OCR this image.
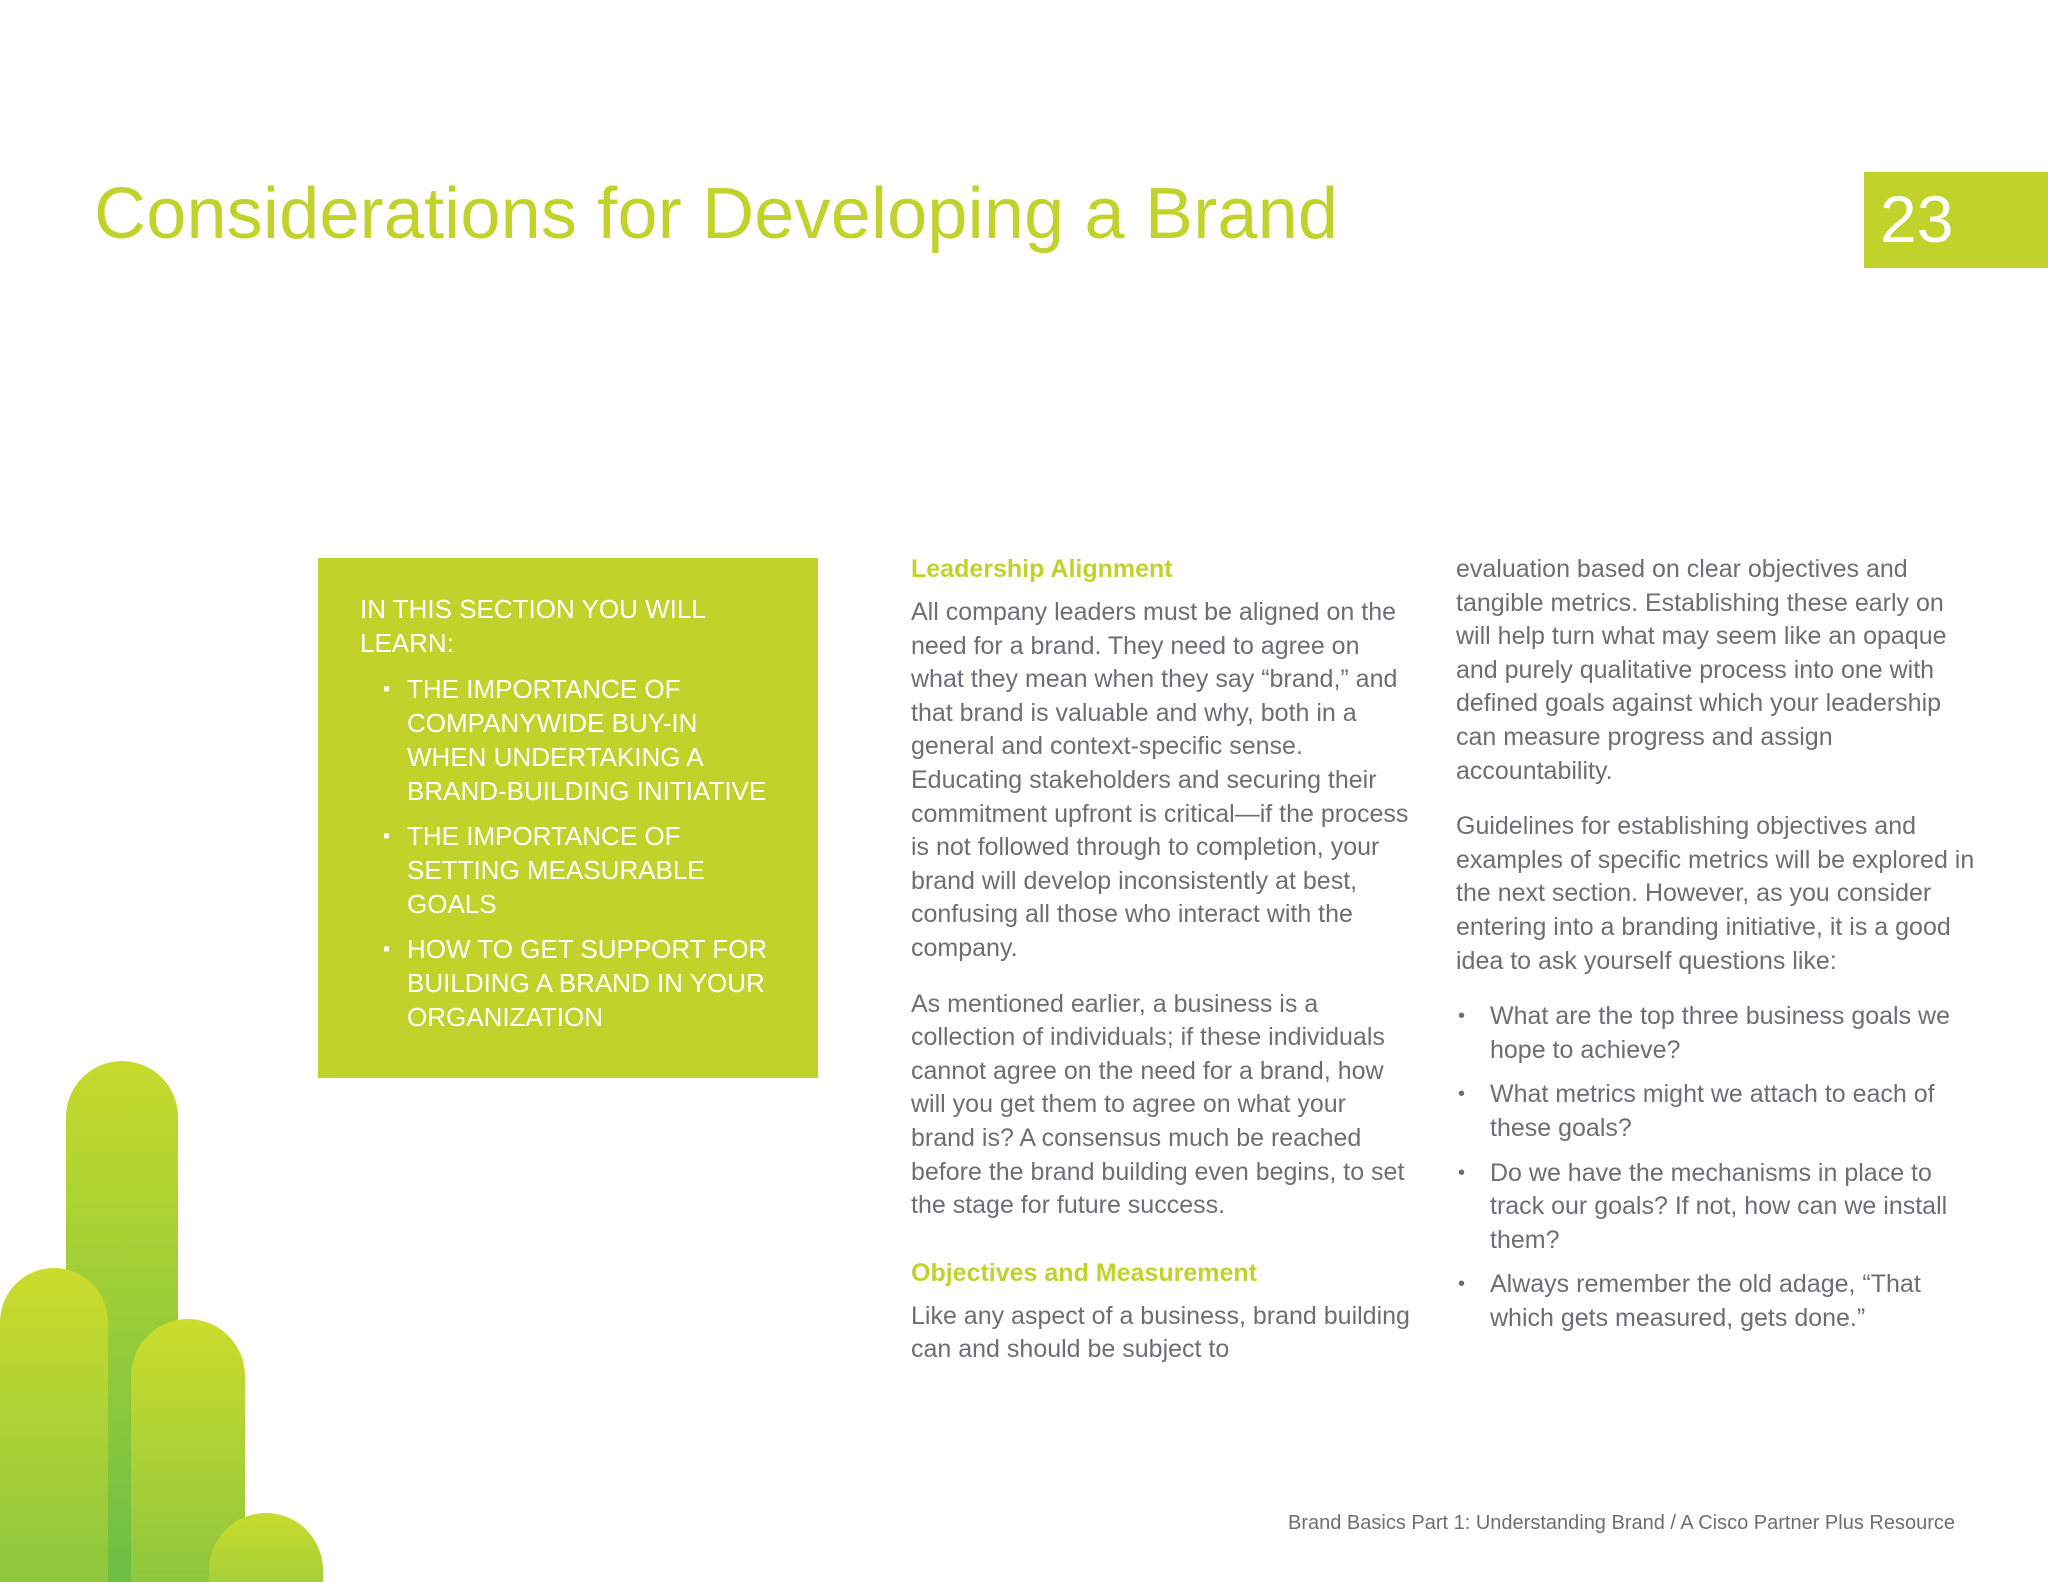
Considerations for Developing a Brand	23
IN THIS SECTION YOU WILL LEARN:
▪ THE IMPORTANCE OF COMPANYWIDE BUY-IN WHEN UNDERTAKING A BRAND-BUILDING INITIATIVE
▪ THE IMPORTANCE OF SETTING MEASURABLE GOALS
▪ HOW TO GET SUPPORT FOR BUILDING A BRAND IN YOUR ORGANIZATION
Leadership Alignment

All company leaders must be aligned on the need for a brand. They need to agree on what they mean when they say “brand,” and that brand is valuable and why, both in a general and context-specific sense. Educating stakeholders and securing their commitment upfront is critical—if the process is not followed through to completion, your brand will develop inconsistently at best, confusing all those who interact with the company.

As mentioned earlier, a business is a collection of individuals; if these individuals cannot agree on the need for a brand, how will you get them to agree on what your brand is? A consensus much be reached before the brand building even begins, to set the stage for future success.

Objectives and Measurement

Like any aspect of a business, brand building can and should be subject to

evaluation based on clear objectives and tangible metrics. Establishing these early on will help turn what may seem like an opaque and purely qualitative process into one with defined goals against which your leadership can measure progress and assign accountability.

Guidelines for establishing objectives and examples of specific metrics will be explored in the next section. However, as you consider entering into a branding initiative, it is a good idea to ask yourself questions like:

• What are the top three business goals we hope to achieve?
• What metrics might we attach to each of these goals?
• Do we have the mechanisms in place to track our goals? If not, how can we install them?
• Always remember the old adage, “That which gets measured, gets done.”
Brand Basics Part 1: Understanding Brand / A Cisco Partner Plus Resource
